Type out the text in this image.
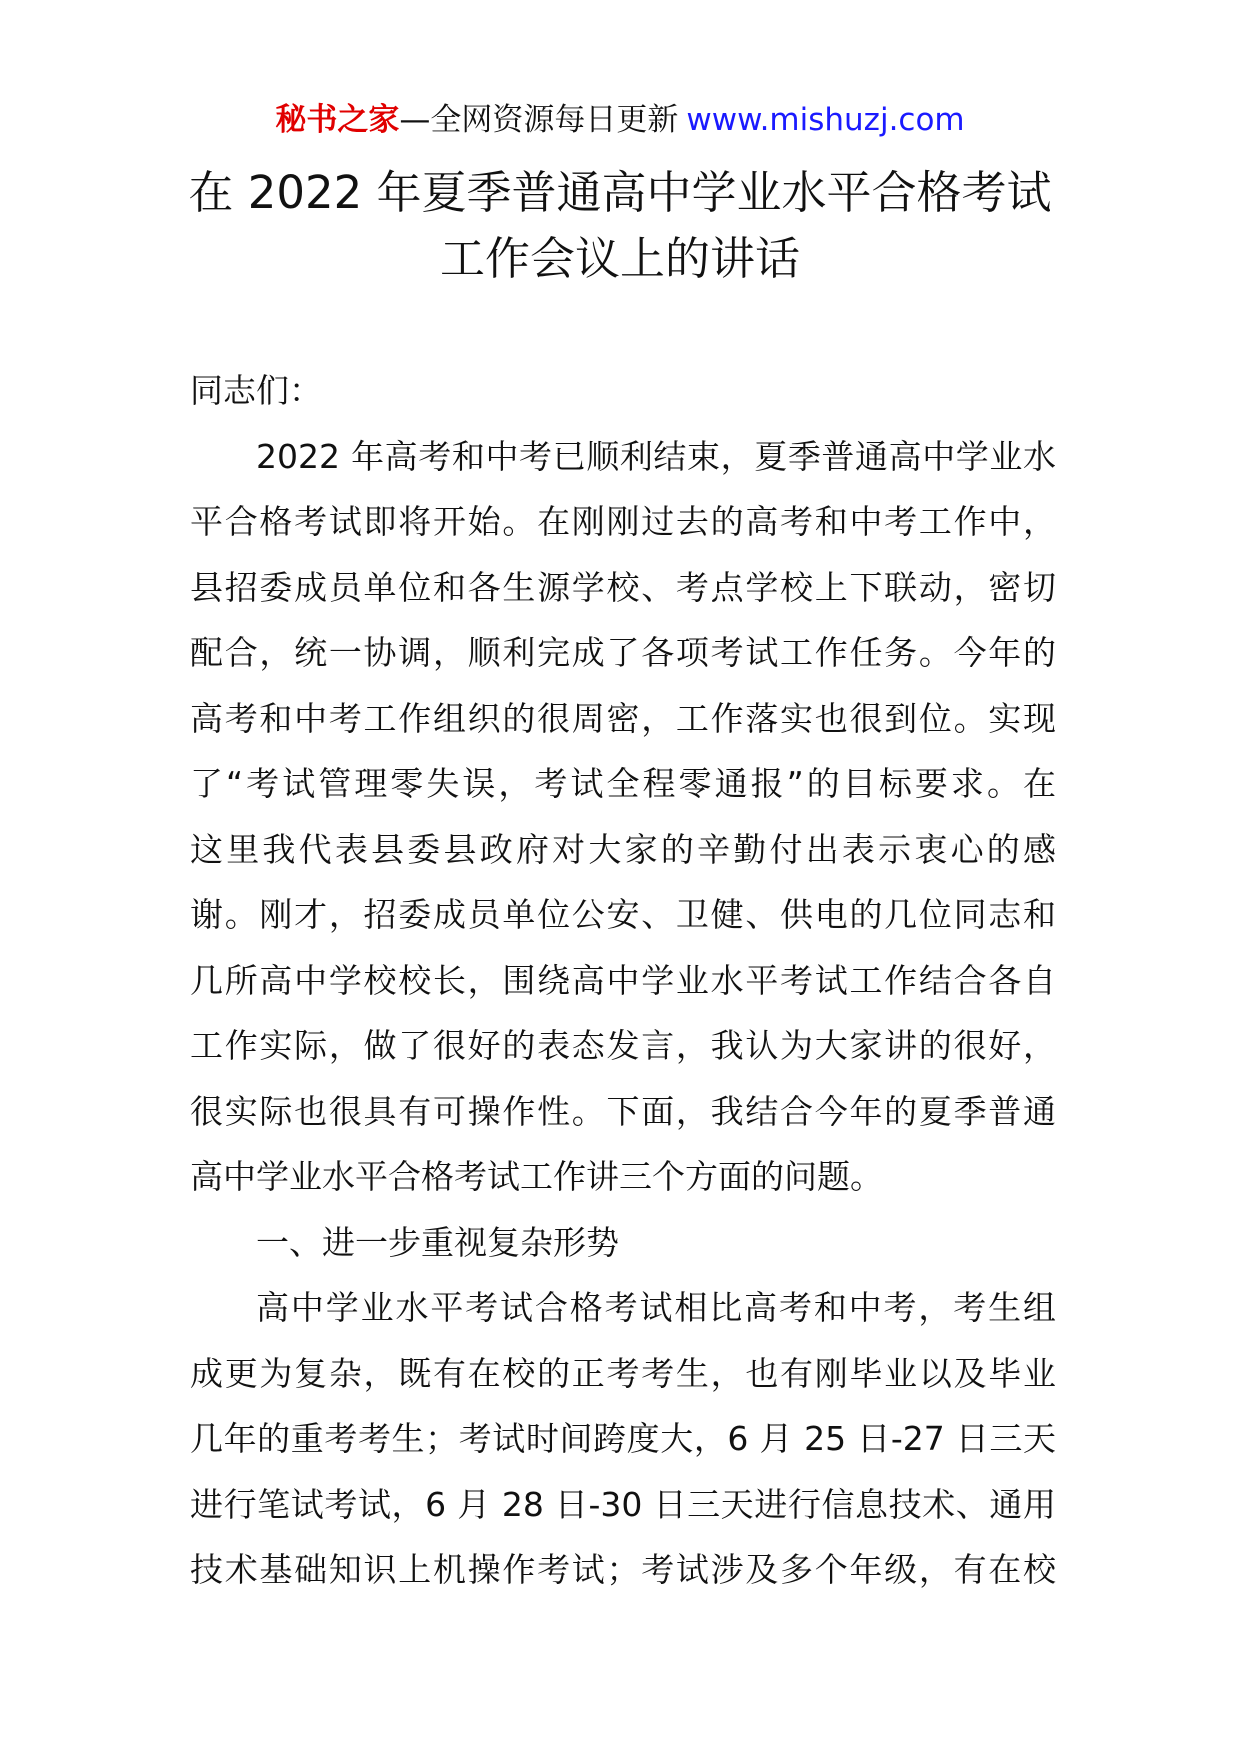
秘书之家—全网资源每日更新 www.mishuzj.com
在 2022 年夏季普通高中学业水平合格考试
工作会议上的讲话
同志们：
2022 年高考和中考已顺利结束，夏季普通高中学业水
平合格考试即将开始。在刚刚过去的高考和中考工作中，
县招委成员单位和各生源学校、考点学校上下联动，密切
配合，统一协调，顺利完成了各项考试工作任务。今年的
高考和中考工作组织的很周密，工作落实也很到位。实现
了“考试管理零失误，考试全程零通报”的目标要求。在
这里我代表县委县政府对大家的辛勤付出表示衷心的感
谢。刚才，招委成员单位公安、卫健、供电的几位同志和
几所高中学校校长，围绕高中学业水平考试工作结合各自
工作实际，做了很好的表态发言，我认为大家讲的很好，
很实际也很具有可操作性。下面，我结合今年的夏季普通
高中学业水平合格考试工作讲三个方面的问题。
一、进一步重视复杂形势
高中学业水平考试合格考试相比高考和中考，考生组
成更为复杂，既有在校的正考考生，也有刚毕业以及毕业
几年的重考考生；考试时间跨度大，6 月 25 日-27 日三天
进行笔试考试，6 月 28 日-30 日三天进行信息技术、通用
技术基础知识上机操作考试；考试涉及多个年级，有在校
